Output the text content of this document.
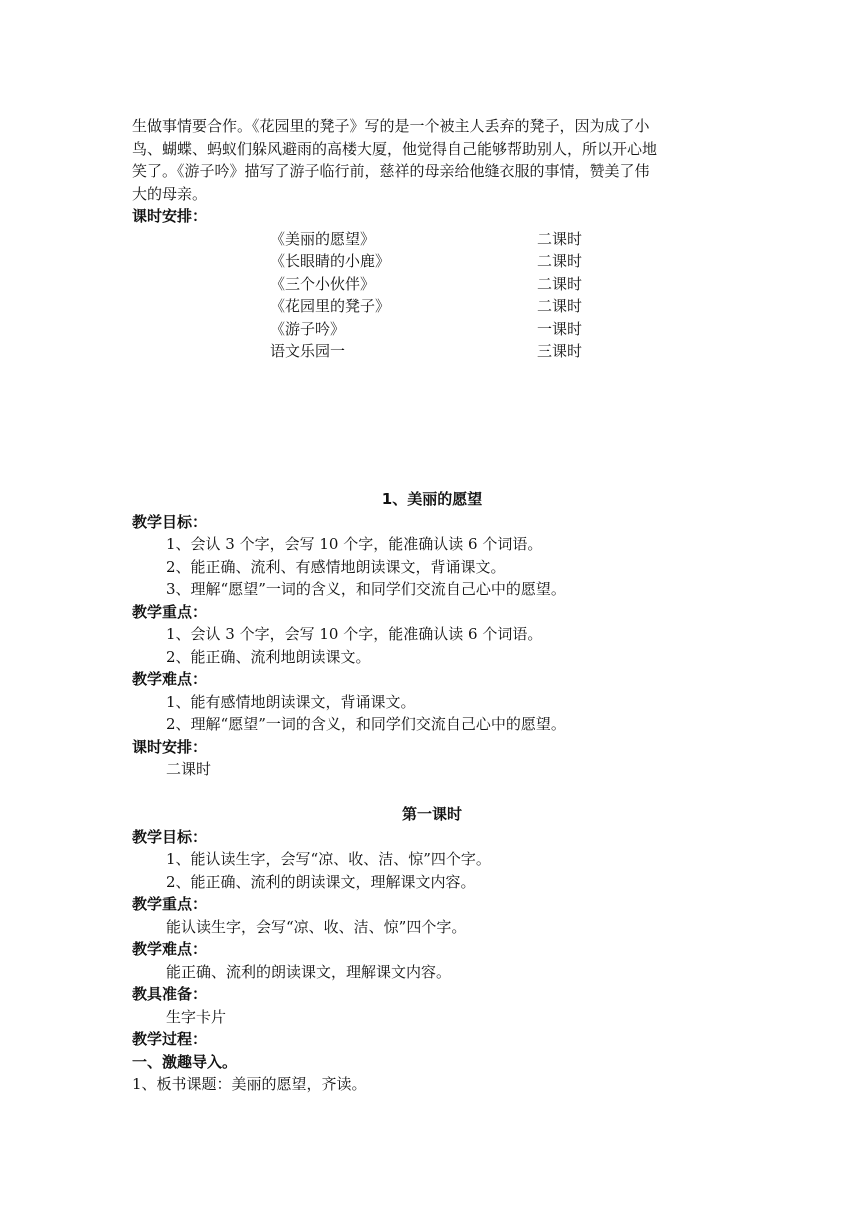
生做事情要合作。《花园里的凳子》写的是一个被主人丢弃的凳子，因为成了小

鸟、蝴蝶、蚂蚁们躲风避雨的高楼大厦，他觉得自己能够帮助别人，所以开心地

笑了。《游子吟》描写了游子临行前，慈祥的母亲给他缝衣服的事情，赞美了伟

大的母亲。

课时安排：

《美丽的愿望》	二课时
《长眼睛的小鹿》	二课时
《三个小伙伴》	二课时
《花园里的凳子》	二课时
《游子吟》	一课时
语文乐园一	三课时

1、美丽的愿望

教学目标：

1、会认 3 个字，会写 10 个字，能准确认读 6 个词语。

2、能正确、流利、有感情地朗读课文，背诵课文。

3、理解“愿望”一词的含义，和同学们交流自己心中的愿望。

教学重点：

1、会认 3 个字，会写 10 个字，能准确认读 6 个词语。

2、能正确、流利地朗读课文。

教学难点：

1、能有感情地朗读课文，背诵课文。

2、理解“愿望”一词的含义，和同学们交流自己心中的愿望。

课时安排：

二课时

第一课时

教学目标：

1、能认读生字，会写“凉、收、洁、惊”四个字。

2、能正确、流利的朗读课文，理解课文内容。

教学重点：

能认读生字，会写“凉、收、洁、惊”四个字。

教学难点：

能正确、流利的朗读课文，理解课文内容。

教具准备：

生字卡片

教学过程：

一、激趣导入。

1、板书课题：美丽的愿望，齐读。
